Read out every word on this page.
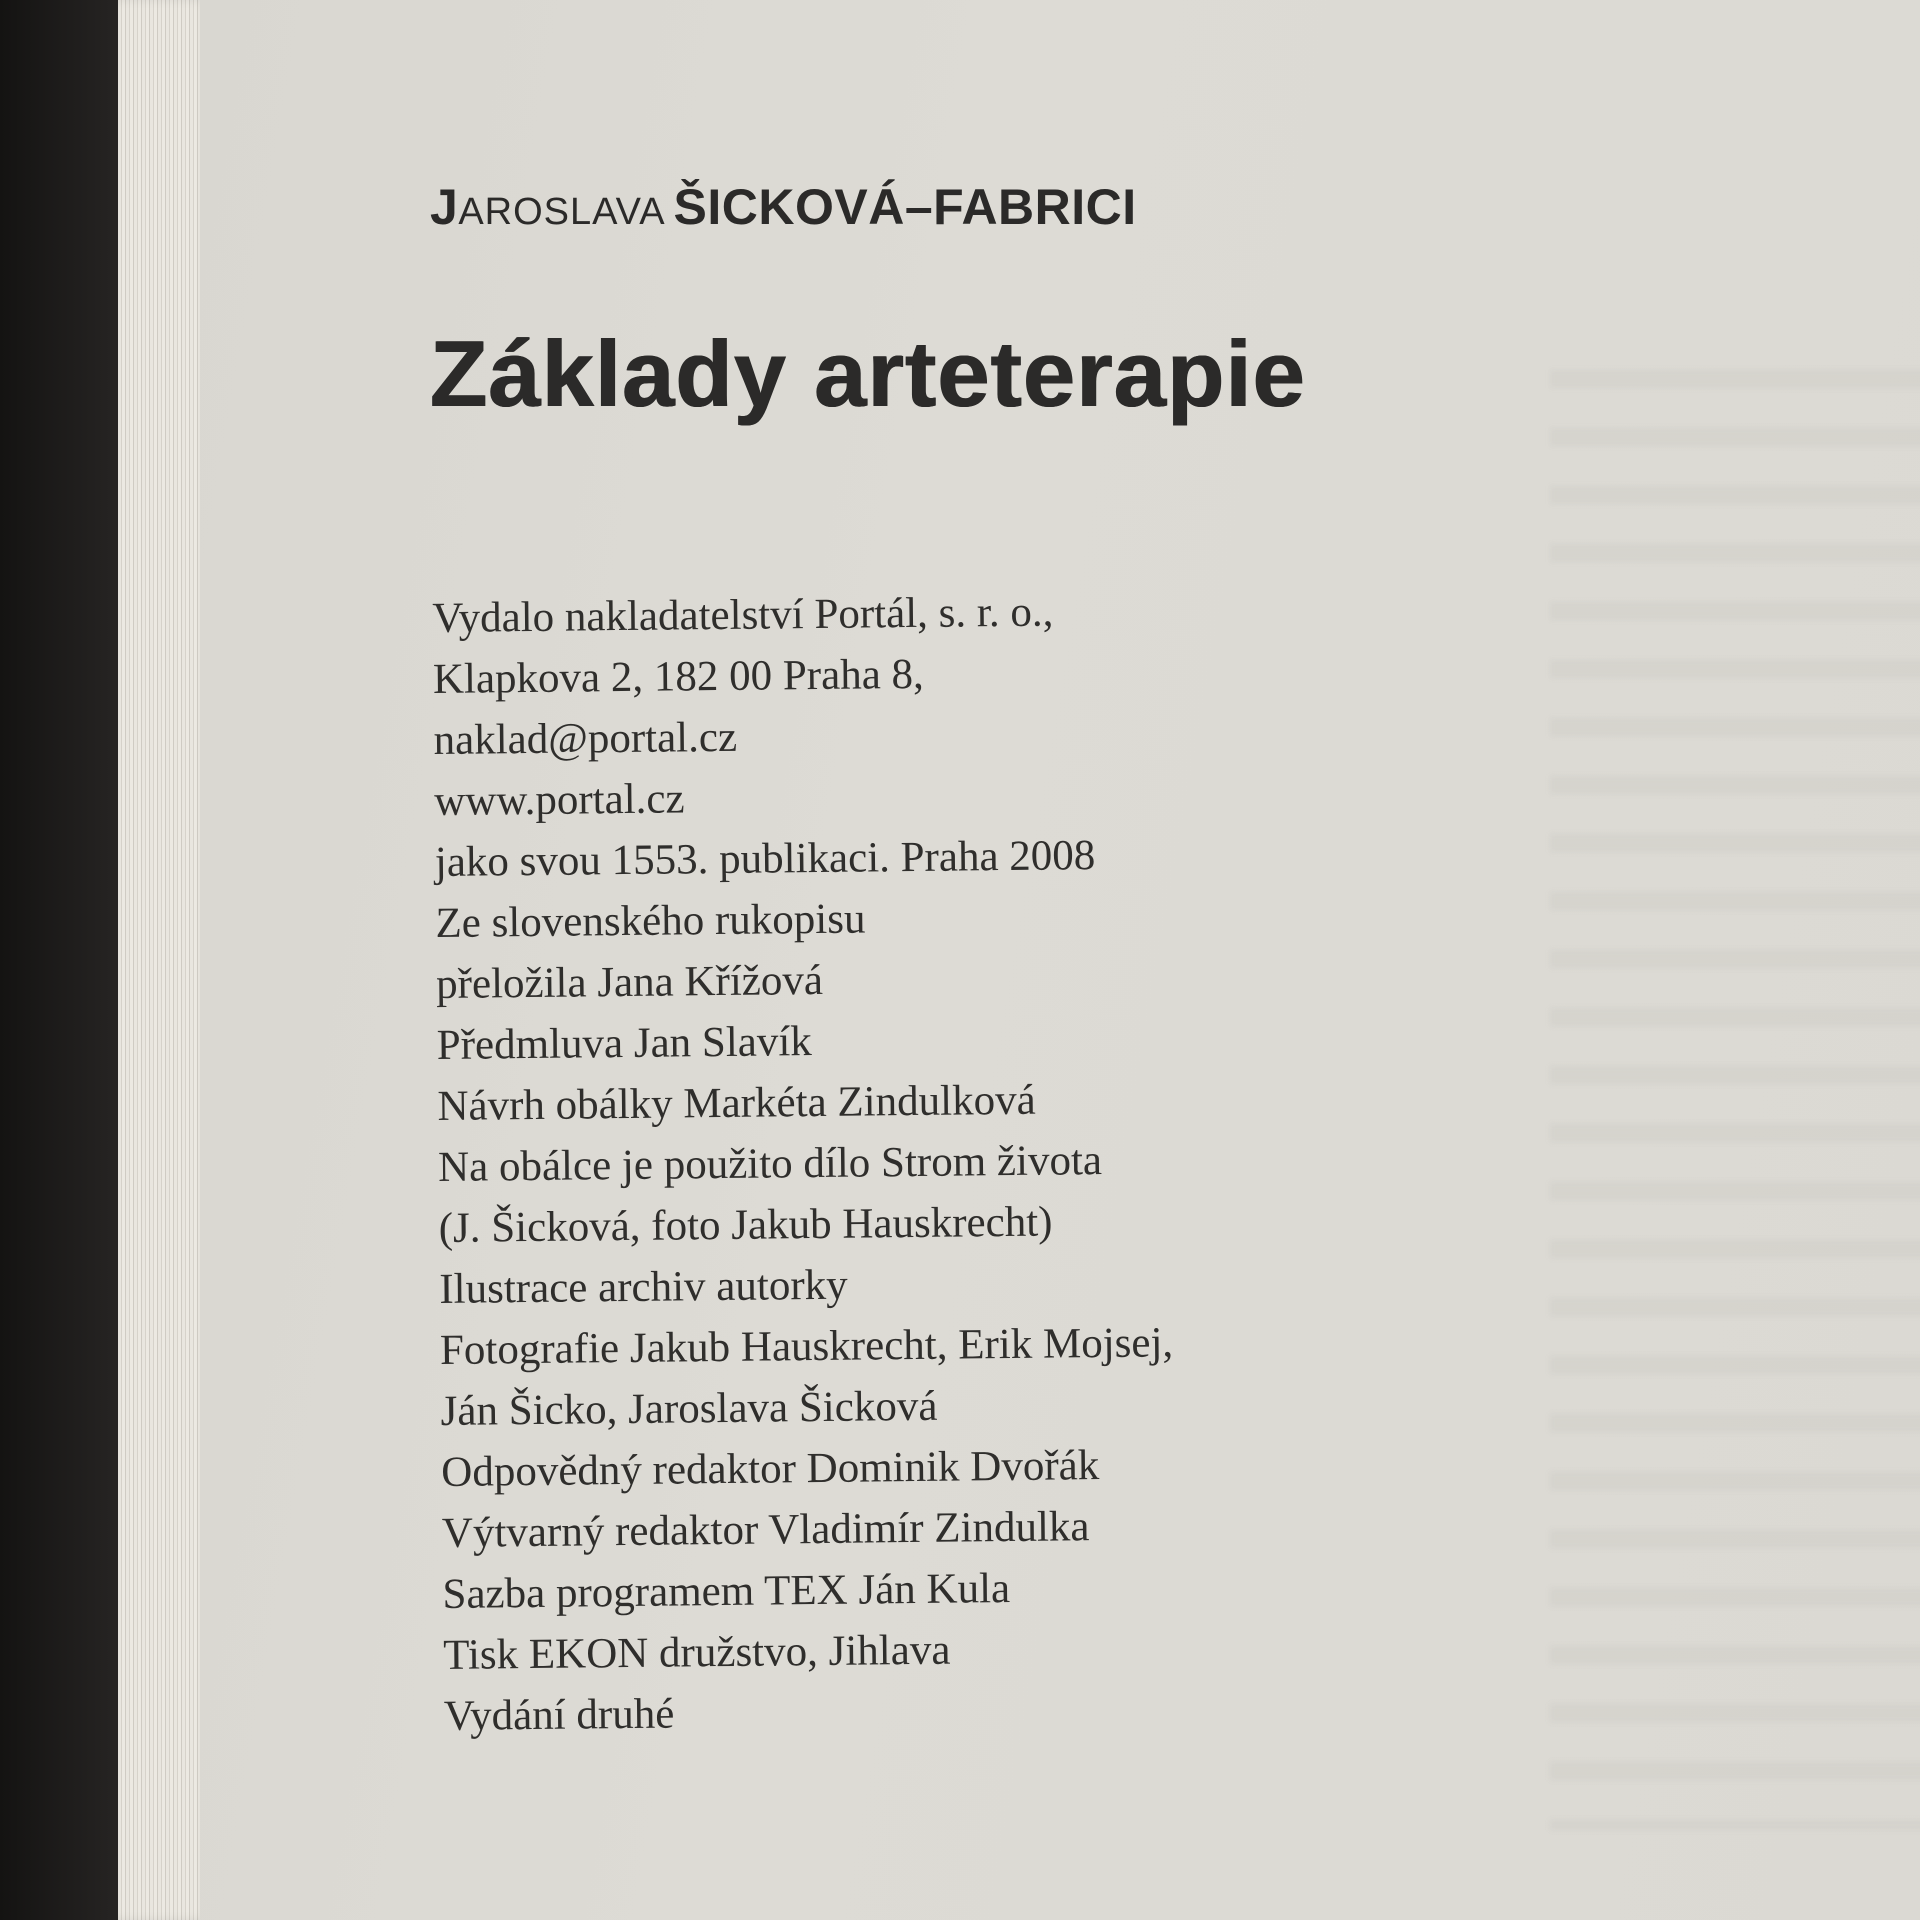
JAROSLAVA ŠICKOVÁ–FABRICI
Základy arteterapie
Vydalo nakladatelství Portál, s. r. o.,
Klapkova 2, 182 00 Praha 8,
naklad@portal.cz
www.portal.cz
jako svou 1553. publikaci. Praha 2008
Ze slovenského rukopisu
přeložila Jana Křížová
Předmluva Jan Slavík
Návrh obálky Markéta Zindulková
Na obálce je použito dílo Strom života
(J. Šicková, foto Jakub Hauskrecht)
Ilustrace archiv autorky
Fotografie Jakub Hauskrecht, Erik Mojsej,
Ján Šicko, Jaroslava Šicková
Odpovědný redaktor Dominik Dvořák
Výtvarný redaktor Vladimír Zindulka
Sazba programem TEX Ján Kula
Tisk EKON družstvo, Jihlava
Vydání druhé
